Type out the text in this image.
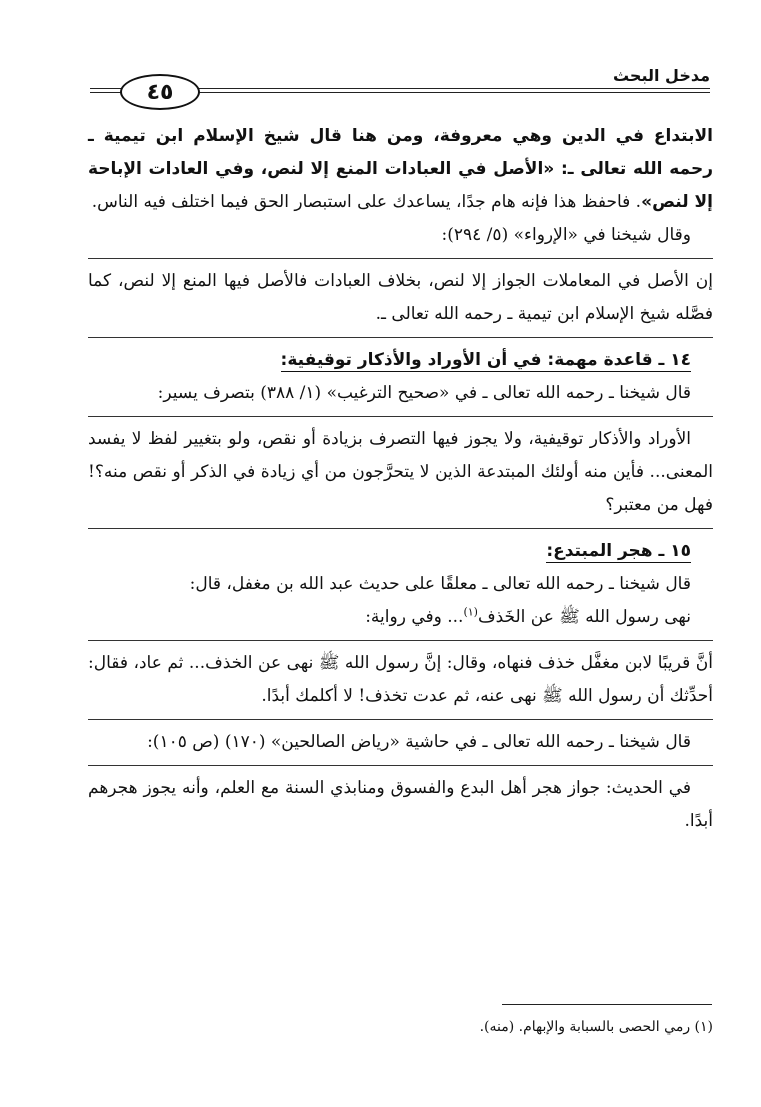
٤٥
مدخل البحث

الابتداع في الدين وهي معروفة، ومن هنا قال شيخ الإسلام ابن تيمية ـ رحمه الله تعالى ـ: «الأصل في العبادات المنع إلا لنص، وفي العادات الإباحة إلا لنص». فاحفظ هذا فإنه هام جدًا، يساعدك على استبصار الحق فيما اختلف فيه الناس.

وقال شيخنا في «الإرواء» (٥/ ٢٩٤):

إن الأصل في المعاملات الجواز إلا لنص، بخلاف العبادات فالأصل فيها المنع إلا لنص، كما فصَّله شيخ الإسلام ابن تيمية ـ رحمه الله تعالى ـ.

١٤ ـ قاعدة مهمة: في أن الأوراد والأذكار توقيفية:

قال شيخنا ـ رحمه الله تعالى ـ في «صحيح الترغيب» (١/ ٣٨٨) بتصرف يسير:

الأوراد والأذكار توقيفية، ولا يجوز فيها التصرف بزيادة أو نقص، ولو بتغيير لفظ لا يفسد المعنى... فأين منه أولئك المبتدعة الذين لا يتحرَّجون من أي زيادة في الذكر أو نقص منه؟! فهل من معتبر؟

١٥ ـ هجر المبتدع:

قال شيخنا ـ رحمه الله تعالى ـ معلقًا على حديث عبد الله بن مغفل، قال:

نهى رسول الله ﷺ عن الخَذف$^{(١)}$... وفي رواية:

أنَّ قريبًا لابن مغفَّل خذف فنهاه، وقال: إنَّ رسول الله ﷺ نهى عن الخذف... ثم عاد، فقال: أحدِّثك أن رسول الله ﷺ نهى عنه، ثم عدت تخذف! لا أكلمك أبدًا.

قال شيخنا ـ رحمه الله تعالى ـ في حاشية «رياض الصالحين» (١٧٠) (ص ١٠٥):

في الحديث: جواز هجر أهل البدع والفسوق ومنابذي السنة مع العلم، وأنه يجوز هجرهم أبدًا.

(١) رمي الحصى بالسبابة والإبهام. (منه).
